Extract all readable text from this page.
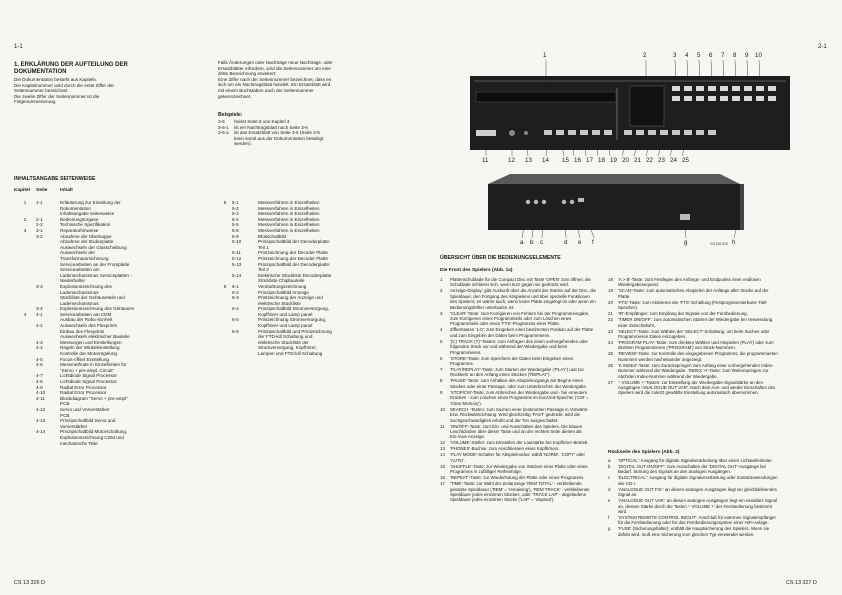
1-1
1. ERKLÄRUNG DER AUFTEILUNG DER
DOKUMENTATION
Die Dokumentation besteht aus Kapiteln.
Die Kapitelnummer wird durch die erste Ziffer der
Seitennummer bezeichnet.
Die zweite Ziffer der Seitennummer ist die
Folgenummerierung.
Falls Änderungen oder Nachträge neue Nachtrags- oder
Ersatzblätter erfordern, wird die Seitennummer um eine
dritte Bezeichnung erweitert:
Eine Ziffer nach der Seitennummer bezeichnet, dass es
sich um ein Nachtragsblatt handelt. Ein Ersatzblatt wird
mit einem Buchstaben nach der Seitennummer
gekennzeichnet.
Beispiele:
3-6	heisst Seite 6 von Kapitel 3
3-6-1	ist ein Nachtragsblatt nach Seite 3-6
3-6-a	ist das Ersatzblatt von Seite 3-6 (Seite 3-6
kann somit aus der Dokumentation beseitigt
werden).
INHALTSANGABE SEITENWEISE
Kapitel	Seite	Inhalt
1	1-1	Erläuterung zur Einteilung der
Dokumentation
Inhaltsangabe seitenweise
2	2-1	Bedienungsorgane
2-2	Technische Spezifikation
3	3-1	Reparaturhinweise
3-2	Abnahme der Oberkappe
Abnahme der Bodenplatte
Auswechseln der Glasscheibung
Auswechseln der
Transformatorsicherung
Servicearbeiten an der Frontplatte
Servicearbeiten am
Lademechanismus Serviceplatten -
Niederhalter
3-3	Explosionszeichnung des
Lademechanismus
Stückliste der Gehäuseteile und
Lademechanismus
3-4	Explosionszeichnung des Gehäuses
4	4-1	Servicearbeiten am CDM
Ausbau der Rafoc-Einheit
4-2	Auswechseln des Flexprints
Einbau des Flexprints
Auswechseln elektrischer Bauteile
4-3	Messungen und Einstellungen
4-4	Regeln der Winkeleinstellung
Kontrolle der Motorregelung
4-5	Focus-offset Einstellung
4-6	Messmethode in Einzelheiten für
"Servo + pre-ampl. Circuit"
4-7	Lichtdiode Signal Processor
4-8	Lichtdiode Signal Processor
4-9	Radial Error Processor
4-10	Radial Error Processor
4-11	Blockdiagram "Servo + pre-ampl"
PCB
4-12	Servo und Vorverstärker
PCB
4-13	Prinzipschaltbild Servo und
Vorverstärker
4-14	Prinzipschaltbild Motorschaltung,
Explosionszeichnung CDM und
mechanische Teile
5	5-1	Messverfahren in Einzelheiten
5-2	Messverfahren in Einzelheiten
5-3	Messverfahren in Einzelheiten
5-4	Messverfahren in Einzelheiten
5-5	Messverfahren in Einzelheiten
5-6	Messverfahren in Einzelheiten
5-9	Blokschaltbild
5-10	Prinzipschaltbild der Decoderplatte:
Teil 1
5-11	Printzeichnung der Decoder Platte
5-12	Printzeichnung der Decoder Platte
5-13	Prinzipschaltbild der Decoderplatte:
Teil 2
5-14	Elektrische Stückliste Decoderplatte
Stückliste Chipbauteile
6	6-1	Verdrahtungszeichnung
6-2	Prinzipschaltbild Anzeige
6-3	Printzeichnung der Anzeige und
elektrische Stückliste
6-4	Prinzipschaltbild Stromversorgung,
Kopfhörer und Lamp panel
6-5	Printzeichnung Stromversorgung,
Kopfhörer und Lamp panel
6-6	Prinzipschaltbild und Printzeichnung
der FTD-kill Schaltung und
elektrische Stückliste der
Stromversorgung, Kopfhörer,
Lampen und FTD-kill Schaltung
CS 13 326 D
2-1
1	2	3 4 5 6 7 8 9 10
11	12 13 14 15 16 17 18 19 20 21 22 23 24 25
a b c	d e f	g	h
CS 11S 912
ÜBERSICHT ÜBER DIE BEDIENUNGSELEMENTE
Die Front des Spielers (Abb. 1a)
1	Plattenschublade für die Compact Disc mit Taste 'OPEN' zum öffnen; die Schublade schliesst sich, wenn kurz gegen sie gedrückt wird.
2	Anzeige-Display: gibt Auskunft über die Anzahl der Stücke auf der Disc, die Spieldauer, den Fortgang des Abspielens und über spezielle Funktionen des Spielers; es wärmt auch, wenn keine Platte eingelegt ist oder wenn ein Bedienungsfehler unterlaufen ist.
3	'CLEAR'-Taste: zum Korrigieren von Fehlern bei der Programmeingabe, zum Korrigieren eines Programmteils oder zum Löschen eines Programmteils oder eines 'FTS'-Programms einer Platte.
4	Zifferntasten '1-0': zum Eingeben einer bestimmten Position auf der Platte und zum Eingeben der Daten beim Programmieren.
5	'(C) TRACK (T)'-Tasten: zum Anfragen des einen vorhergehenden oder folgenden Stück vor und während der Wiedergabe und beim Programmieren.
6	'STORE'-Taste: zum Speichern der Daten beim Eingeben eines Programms.
7	'PLAY/REPLAY'-Taste: zum Starten der Wiedergabe ('PLAY') und zur Rückkehr an den Anfang eines Stückes ('REPLAY').
8	'PAUSE'-Taste: zum Anhalten des Abspielvorgangs am Beginn eines Stückes oder einer Passage, oder zum Unterbrechen der Wiedergabe.
9	'STOP/CM'-Taste: zum Abbrechen der Wiedergabe und - bei erneutem Drücken - zum Löschen eines Programms im Kurzzeit-Speicher ('CM' = 'Clear Memory').
10	SEARCH -Tasten: zum Suchen einer bestimmten Passage in Vorwärts- bzw. Rückwärtsrichtung. Wird gleichzeitig 'FAST' gedrückt, wird die Suchgeschwindigkeit erhöht und der Ton ausgeschaltet.
11	'ON/OFF'-Taste: zum Ein- und Ausschalten des Spielers. Die blauen Leuchtdioden über dieser Taste und an der rechten Seite dienen als Ein-/Aus-Anzeige.
12	'VOLUME'-Steller: zum Einstellen der Lautstärke bei Kopfhörer-Betrieb.
13	'PHONES'-Buchse: zum Anschliessen eines Kopfhörers.
14	'PLAY MODE'-Schalter für Abspielmodus; wählt 'NORM', 'COPY' oder 'AUTO'.
15	'SHUFFLE'-Taste: zur Wiedergabe von Stücken einer Platte oder eines Programms in zufälliger Reihenfolge.
16	'REPEAT'-Taste: zur Wiederholung der Platte oder eines Programms.
17	'TIME'-Taste: zur Wahl der Zeitanzeige 'REM TOTAL' - verbleibende gesamte Spieldauer ('REM' = 'remaining'), 'REM TRACK' - verbleibende Spieldauer jedes einzelnen Stückes, oder 'TRACK LAP' - abgelaufene Spieldauer jedes einzelnen Stücks ('LAP' = 'elapsed').
18	'A > B'-Taste: zum Festlegen des Anfangs- und Endpunkts einer endlosen Wiedergabesequenz.
19	'SCAN'-Taste: zum automatischen Abspielen der Anfänge aller Stücke auf der Platte.
20	'FTS'-Taste: zum Aktivieren der 'FTS'-Schaltung (Festprogrammierbarer Titel-Speicher).
21	'IR'-Empfänger: zum Empfang der Signale von der Fernbedienung.
22	'TIMER ON/OFF': zum automatischen Starten der Wiedergabe bei Verwendung einer Zeitschaltuhr.
23	'SELECT'-Taste: zum Wählen der 'SELECT'-Schaltung, um beim Suchen oder Programmieren Daten einzugeben.
24	'PROGRAM PLAY'-Taste: zum direkten Wählen und Abspielen (PLAY) oder zum direkten Programmieren ('PROGRAM') von Stück-Nummern.
25	'REVIEW'-Taste: zur Kontrolle des eingegebenen Programms; die programmierten Nummern werden nacheinander angezeigt.
26	'K INDEX'-Taste: zum Zurückspringen zum Anfang einer vorhergehenden Index-Nummer während der Wiedergabe. 'INDEX >I'-Taste: zum Weiterspringen zur nächsten Index-Nummer während der Wiedergabe.
27	'- VOLUME +'-Tasten: zur Einstellung der Wiedergabe-Signalstärke an den Ausgängen 'ANALOGUE OUT VAR'. Nach dem Aus- und wieder Einschalten des Spielers wird die zuletzt gewählte Einstellung automatisch übernommen.
Rückseite des Spielers (Abb. 3)
a	'OPTICAL': Ausgang für digitale Signalverarbeitung über einen Lichtwellenleiter.
b	'DIGITAL OUT ON/OFF': zum Ausschalten der 'DIGITAL OUT'-Ausgänge bei Bedarf. Störung des Signals an den analogen Ausgängen.
c	'ELECTRICAL': Ausgang für digitale Signalverarbeitung oder Zusatzanwendungen wie CD-I.
d	'ANALOGUE OUT FIX': an diesen analogen Ausgängen liegt ein gleichbleibendes Signal an.
e	'ANALOGUE OUT VAR': an diesen analogen Ausgängen liegt ein variables Signal an, dessen Stärke durch die Tasten '- VOLUME +' der Fernbedienung bestimmt wird.
f	'SYSTEM REMOTE CONTROL IN/OUT': Anschluß für externen Signalempfänger für die Fernbedienung oder für das Fernbedienungssystem einer HiFi-Anlage.
g	'FUSE' (Sicherungshalter): enthält die Hauptsicherung des Spielers. Wenn sie defekt wird, muß eine Sicherung vom gleichen Typ verwendet werden.
CS 13 327 D
